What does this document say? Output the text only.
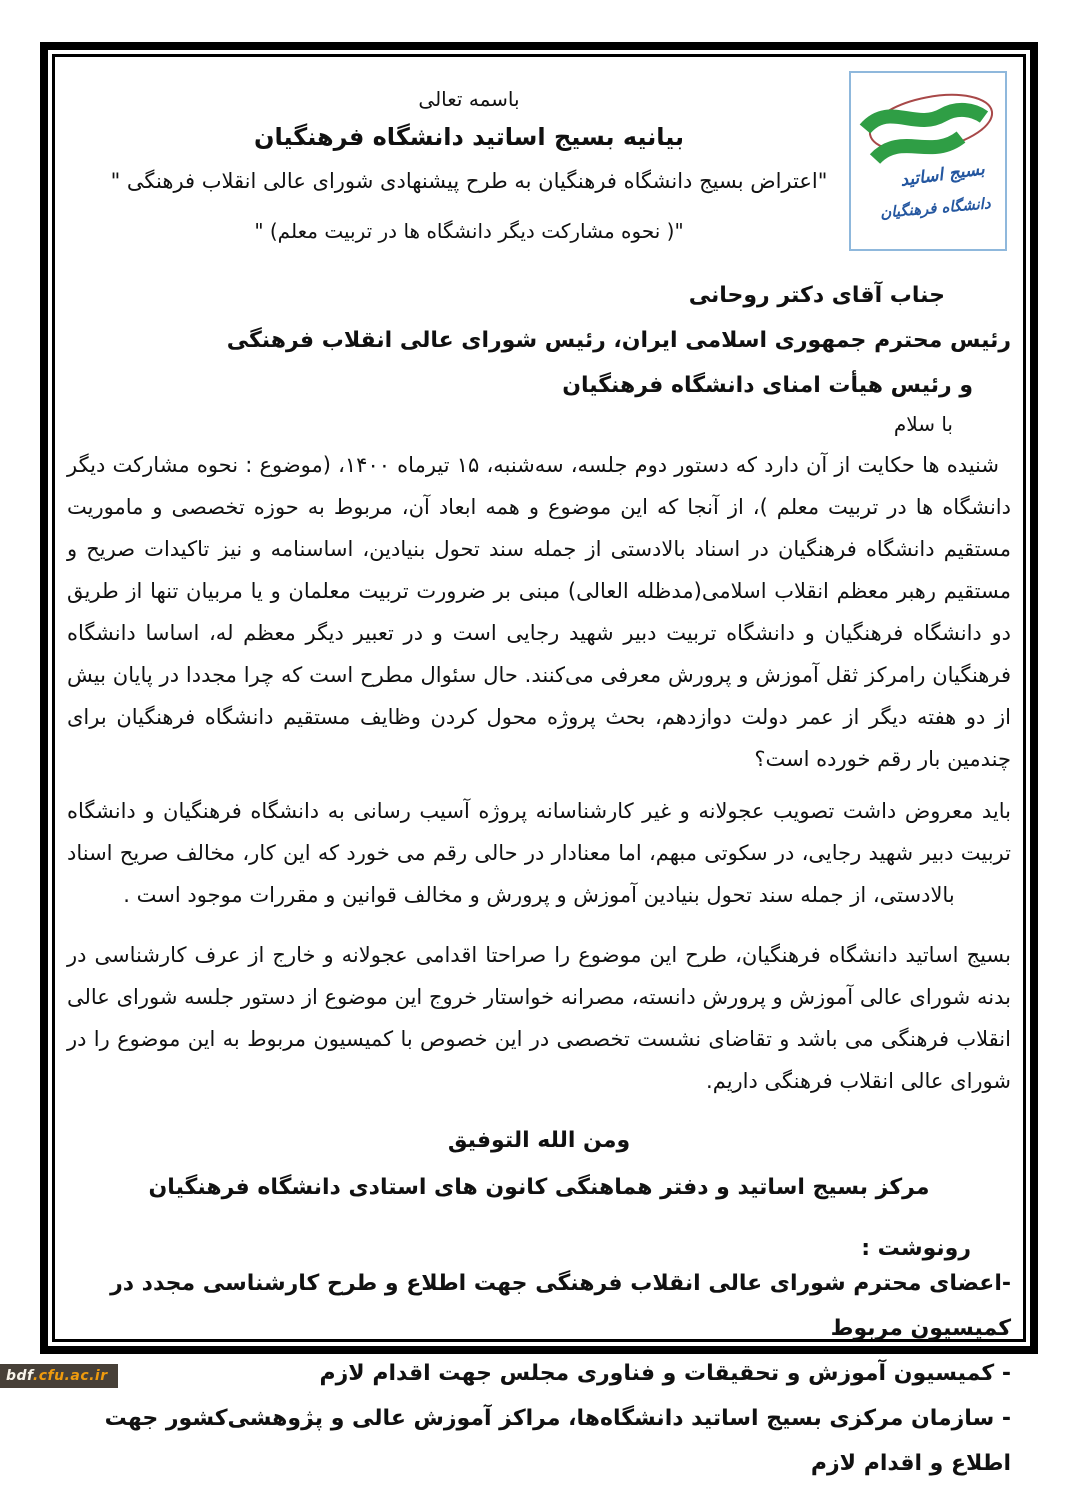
بسیج اساتید
دانشگاه فرهنگیان
باسمه تعالی
بیانیه بسیج اساتید دانشگاه فرهنگیان
"اعتراض بسیج دانشگاه فرهنگیان به طرح پیشنهادی شورای عالی انقلاب فرهنگی "
"( نحوه مشارکت دیگر دانشگاه ها در تربیت معلم) "
جناب آقای دکتر روحانی
رئیس محترم جمهوری اسلامی ایران، رئیس شورای عالی انقلاب فرهنگی
و رئیس هیأت امنای دانشگاه فرهنگیان
با سلام

شنیده ها حکایت از آن دارد که دستور دوم جلسه، سه‌شنبه، ۱۵ تیرماه ۱۴۰۰، (موضوع : نحوه مشارکت دیگر دانشگاه ها در تربیت معلم )، از آنجا که این موضوع و همه ابعاد آن، مربوط به حوزه تخصصی و ماموریت مستقیم دانشگاه فرهنگیان در اسناد بالادستی از جمله سند تحول بنیادین، اساسنامه و نیز تاکیدات صریح و مستقیم رهبر معظم انقلاب اسلامی(مدظله العالی) مبنی بر ضرورت تربیت معلمان و یا مربیان تنها از طریق دو دانشگاه فرهنگیان و دانشگاه تربیت دبیر شهید رجایی است و در تعبیر دیگر معظم له، اساسا دانشگاه فرهنگیان رامرکز ثقل آموزش و پرورش معرفی می‌کنند. حال سئوال مطرح است که چرا مجددا در پایان بیش از دو هفته دیگر از عمر دولت دوازدهم، بحث پروژه محول کردن وظایف مستقیم دانشگاه فرهنگیان برای چندمین بار رقم خورده است؟

باید معروض داشت تصویب عجولانه و غیر کارشناسانه پروژه آسیب رسانی به دانشگاه فرهنگیان و دانشگاه تربیت دبیر شهید رجایی، در سکوتی مبهم، اما معنادار در حالی رقم می خورد که این کار، مخالف صریح اسناد بالادستی، از جمله سند تحول بنیادین آموزش و پرورش و مخالف قوانین و مقررات موجود است .

بسیج اساتید دانشگاه فرهنگیان، طرح این موضوع را صراحتا اقدامی عجولانه و خارج از عرف کارشناسی در بدنه شورای عالی آموزش و پرورش دانسته، مصرانه خواستار خروج این موضوع از دستور جلسه شورای عالی انقلاب فرهنگی می باشد و تقاضای نشست تخصصی در این خصوص با کمیسیون مربوط به این موضوع را در شورای عالی انقلاب فرهنگی داریم.

ومن الله التوفیق
مرکز بسیج اساتید و دفتر هماهنگی کانون های استادی دانشگاه فرهنگیان
رونوشت :
-اعضای محترم شورای عالی انقلاب فرهنگی جهت اطلاع و طرح کارشناسی مجدد در کمیسیون مربوط
- کمیسیون آموزش و تحقیقات و فناوری مجلس جهت اقدام لازم
- سازمان مرکزی بسیج اساتید دانشگاه‌ها، مراکز آموزش عالی و پژوهشی‌کشور جهت اطلاع و اقدام لازم
bdf.cfu.ac.ir
